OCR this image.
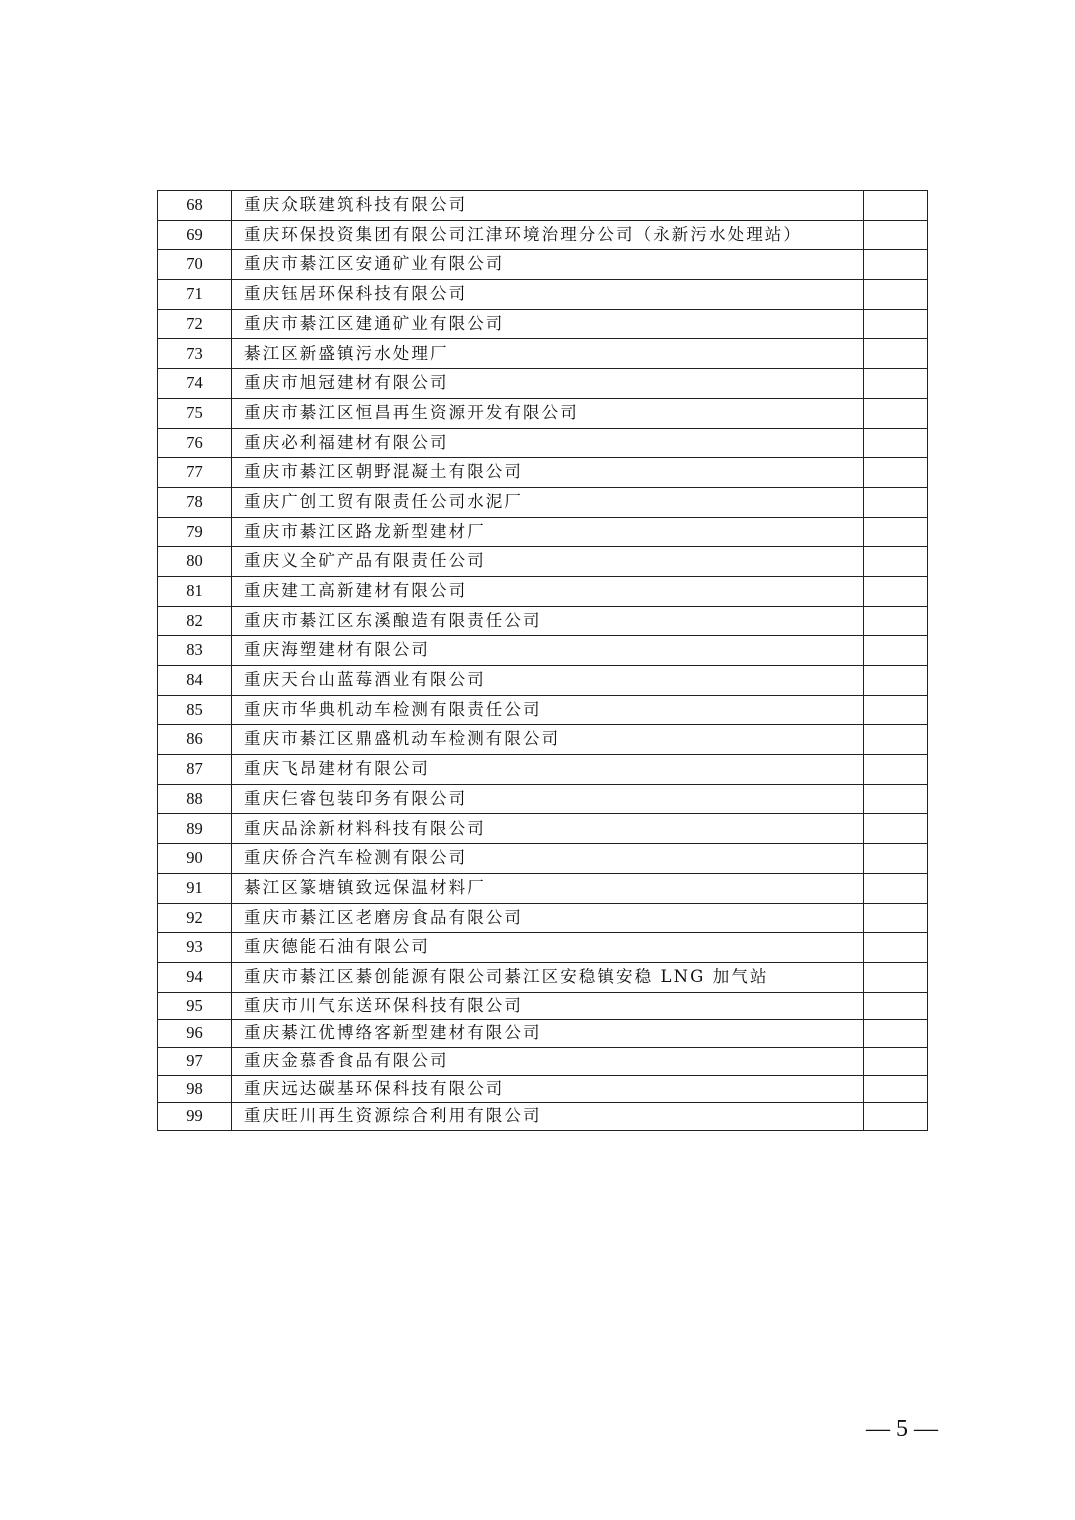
68	重庆众联建筑科技有限公司	
69	重庆环保投资集团有限公司江津环境治理分公司（永新污水处理站）	
70	重庆市綦江区安通矿业有限公司	
71	重庆钰居环保科技有限公司	
72	重庆市綦江区建通矿业有限公司	
73	綦江区新盛镇污水处理厂	
74	重庆市旭冠建材有限公司	
75	重庆市綦江区恒昌再生资源开发有限公司	
76	重庆必利福建材有限公司	
77	重庆市綦江区朝野混凝土有限公司	
78	重庆广创工贸有限责任公司水泥厂	
79	重庆市綦江区路龙新型建材厂	
80	重庆义全矿产品有限责任公司	
81	重庆建工高新建材有限公司	
82	重庆市綦江区东溪酿造有限责任公司	
83	重庆海塑建材有限公司	
84	重庆天台山蓝莓酒业有限公司	
85	重庆市华典机动车检测有限责任公司	
86	重庆市綦江区鼎盛机动车检测有限公司	
87	重庆飞昂建材有限公司	
88	重庆仨睿包装印务有限公司	
89	重庆品涂新材料科技有限公司	
90	重庆侨合汽车检测有限公司	
91	綦江区篆塘镇致远保温材料厂	
92	重庆市綦江区老磨房食品有限公司	
93	重庆德能石油有限公司	
94	重庆市綦江区綦创能源有限公司綦江区安稳镇安稳 LNG 加气站	
95	重庆市川气东送环保科技有限公司	
96	重庆綦江优博络客新型建材有限公司	
97	重庆金慕香食品有限公司	
98	重庆远达碳基环保科技有限公司	
99	重庆旺川再生资源综合利用有限公司	
— 5 —
